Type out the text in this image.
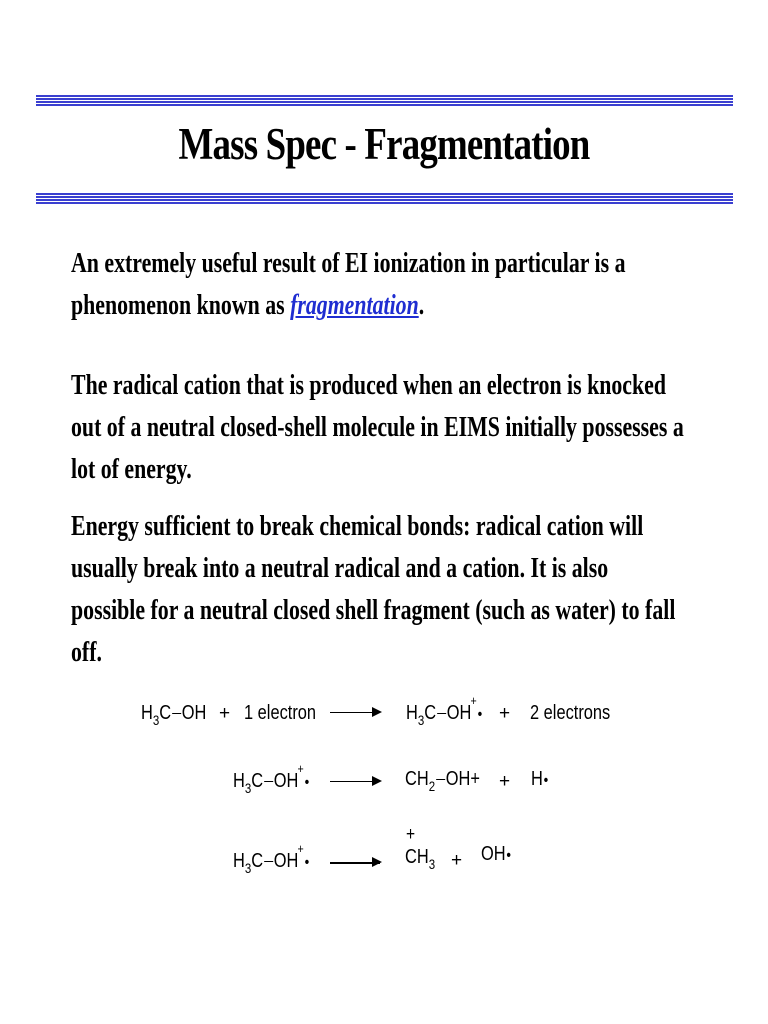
Mass Spec - Fragmentation

An extremely useful result of EI ionization in particular is a phenomenon known as fragmentation.

The radical cation that is produced when an electron is knocked out of a neutral closed-shell molecule in EIMS initially possesses a lot of energy.

Energy sufficient to break chemical bonds: radical cation will usually break into a neutral radical and a cation. It is also possible for a neutral closed shell fragment (such as water) to fall off.

$H_3C$ OH + 1 electron	$H_3C$ OH+• + 2 electrons
$H_3C$ OH+•	$CH_2$ OH+ + H•
$H_3C$ OH+•
+
$CH_3$ + OH•
